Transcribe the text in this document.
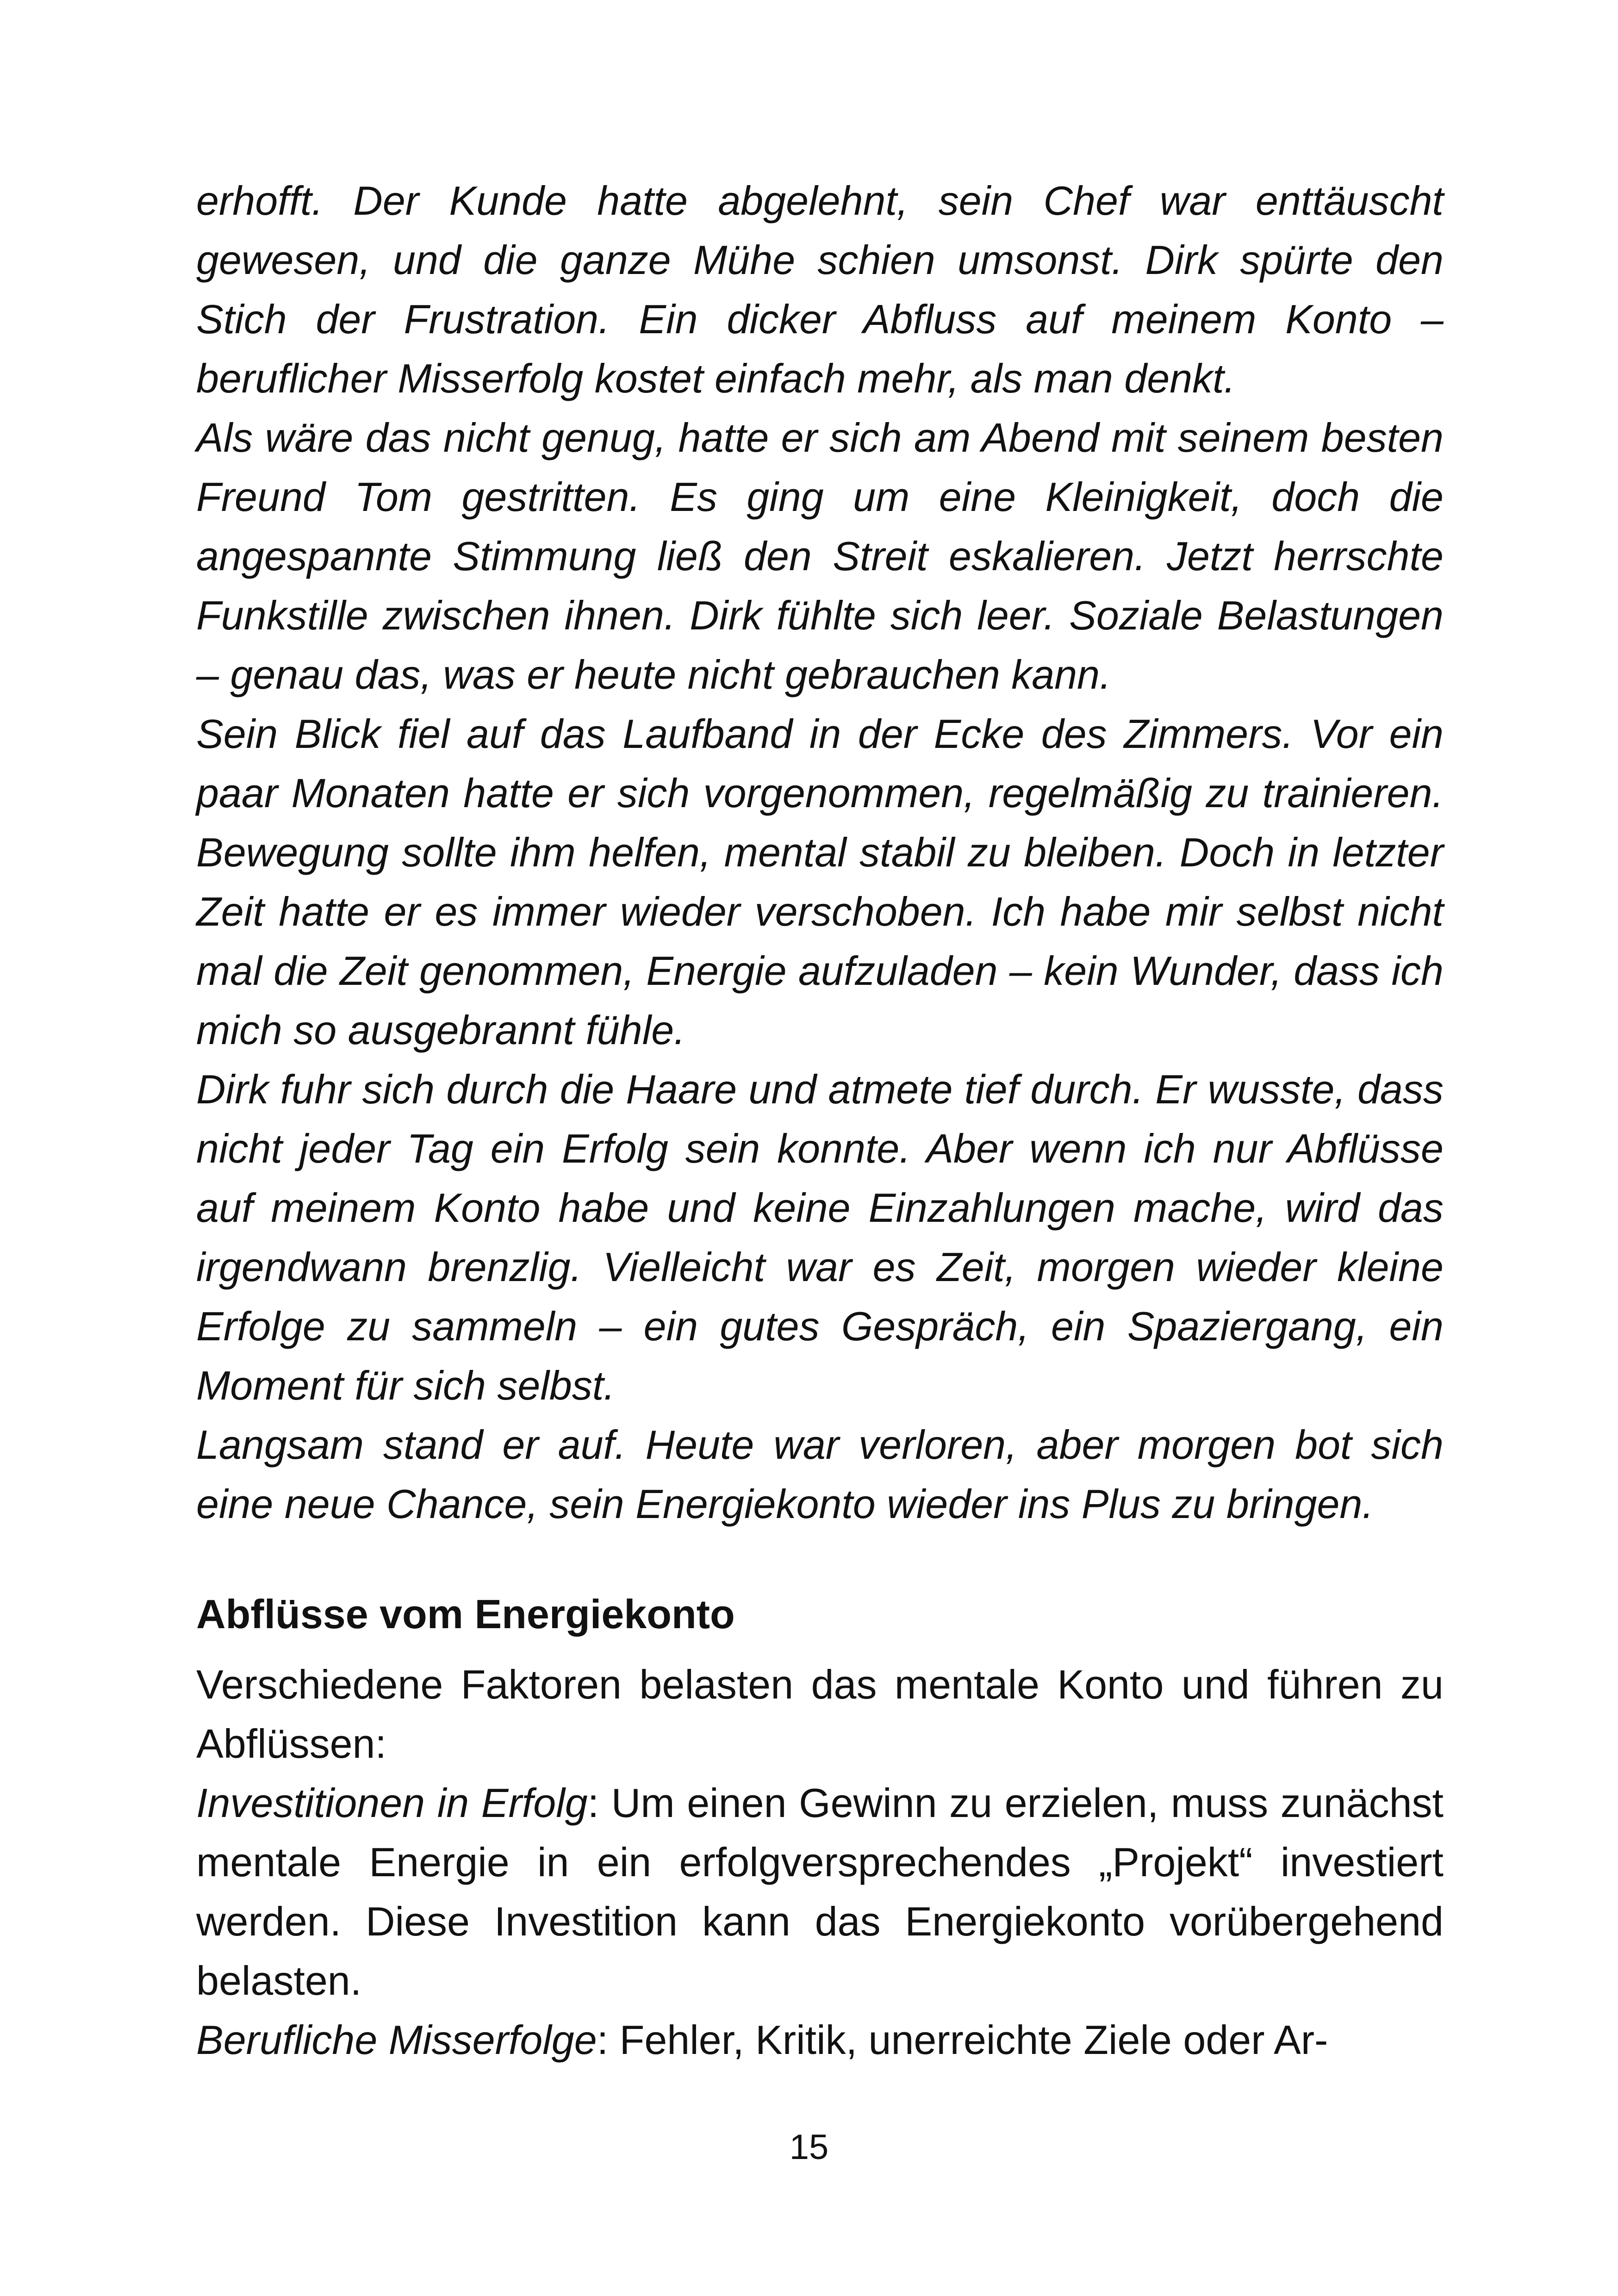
erhofft. Der Kunde hatte abgelehnt, sein Chef war enttäuscht gewesen, und die ganze Mühe schien umsonst. Dirk spürte den Stich der Frustration. Ein dicker Abfluss auf meinem Konto – beruflicher Misserfolg kostet einfach mehr, als man denkt.

Als wäre das nicht genug, hatte er sich am Abend mit seinem besten Freund Tom gestritten. Es ging um eine Kleinigkeit, doch die angespannte Stimmung ließ den Streit eskalieren. Jetzt herrschte Funkstille zwischen ihnen. Dirk fühlte sich leer. Soziale Belastungen – genau das, was er heute nicht gebrauchen kann.

Sein Blick fiel auf das Laufband in der Ecke des Zimmers. Vor ein paar Monaten hatte er sich vorgenommen, regelmäßig zu trainieren. Bewegung sollte ihm helfen, mental stabil zu bleiben. Doch in letzter Zeit hatte er es immer wieder verschoben. Ich habe mir selbst nicht mal die Zeit genommen, Energie aufzuladen – kein Wunder, dass ich mich so ausgebrannt fühle.

Dirk fuhr sich durch die Haare und atmete tief durch. Er wusste, dass nicht jeder Tag ein Erfolg sein konnte. Aber wenn ich nur Abflüsse auf meinem Konto habe und keine Einzahlungen mache, wird das irgendwann brenzlig. Vielleicht war es Zeit, morgen wieder kleine Erfolge zu sammeln – ein gutes Gespräch, ein Spaziergang, ein Moment für sich selbst.

Langsam stand er auf. Heute war verloren, aber morgen bot sich eine neue Chance, sein Energiekonto wieder ins Plus zu bringen.

Abflüsse vom Energiekonto

Verschiedene Faktoren belasten das mentale Konto und führen zu Abflüssen:

Investitionen in Erfolg: Um einen Gewinn zu erzielen, muss zunächst mentale Energie in ein erfolgversprechendes „Projekt“ investiert werden. Diese Investition kann das Energiekonto vorübergehend belasten.

Berufliche Misserfolge: Fehler, Kritik, unerreichte Ziele oder Ar-

15
